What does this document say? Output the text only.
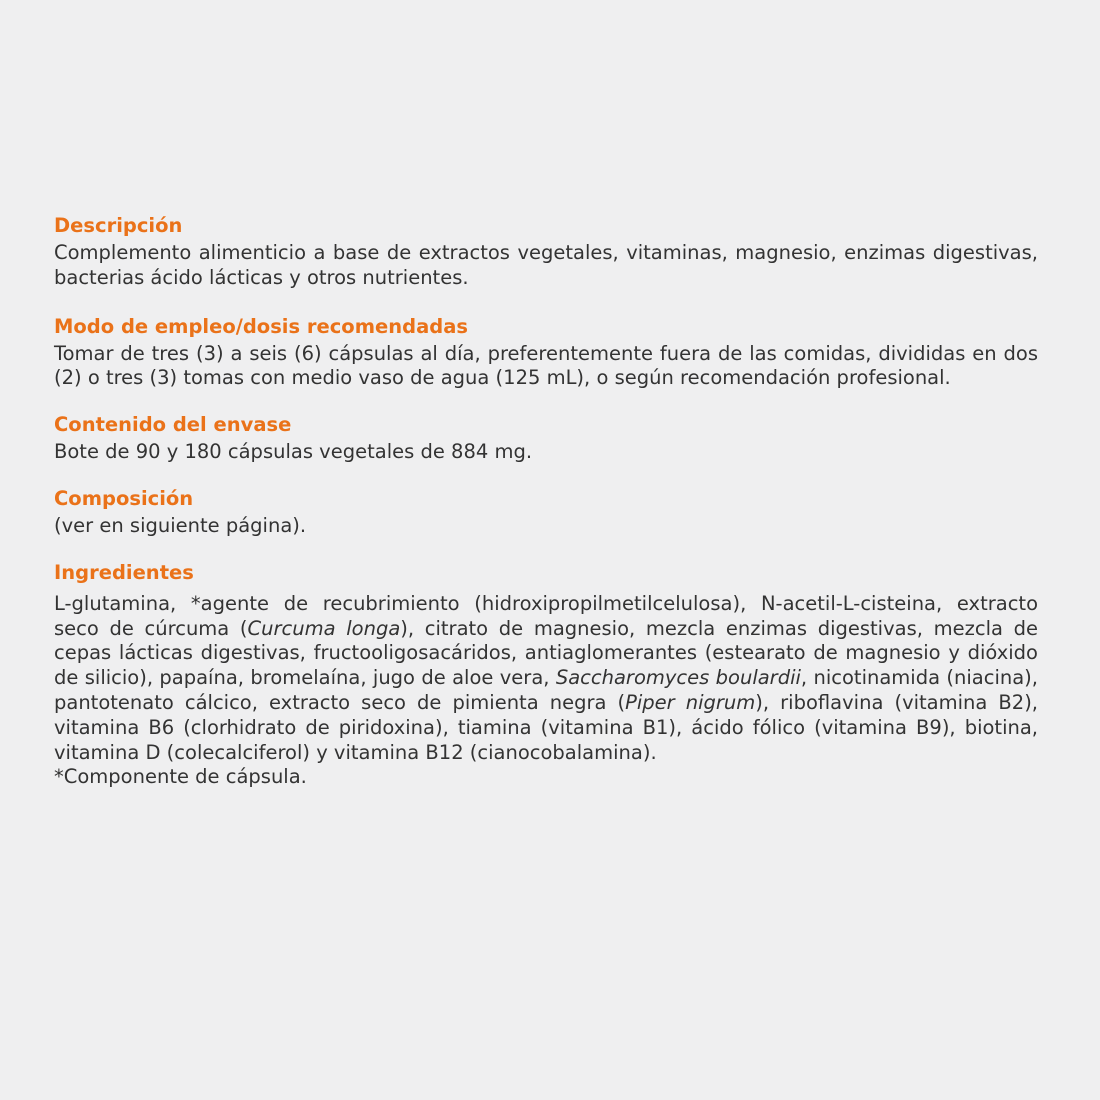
Descripción

Complemento alimenticio a base de extractos vegetales, vitaminas, magnesio, enzimas digestivas, bacterias ácido lácticas y otros nutrientes.

Modo de empleo/dosis recomendadas

Tomar de tres (3) a seis (6) cápsulas al día, preferentemente fuera de las comidas, divididas en dos (2) o tres (3) tomas con medio vaso de agua (125 mL), o según recomendación profesional.

Contenido del envase

Bote de 90 y 180 cápsulas vegetales de 884 mg.

Composición

(ver en siguiente página).

Ingredientes

L-glutamina, *agente de recubrimiento (hidroxipropilmetilcelulosa), N-acetil-L-cisteina, extracto seco de cúrcuma (Curcuma longa), citrato de magnesio, mezcla enzimas digestivas, mezcla de cepas lácticas digestivas, fructooligosacáridos, antiaglomerantes (estearato de magnesio y dióxido de silicio), papaína, bromelaína, jugo de aloe vera, Saccharomyces boulardii, nicotinamida (niacina), pantotenato cálcico, extracto seco de pimienta negra (Piper nigrum), riboflavina (vitamina B2), vitamina B6 (clorhidrato de piridoxina), tiamina (vitamina B1), ácido fólico (vitamina B9), biotina, vitamina D (colecalciferol) y vitamina B12 (cianocobalamina).

*Componente de cápsula.
